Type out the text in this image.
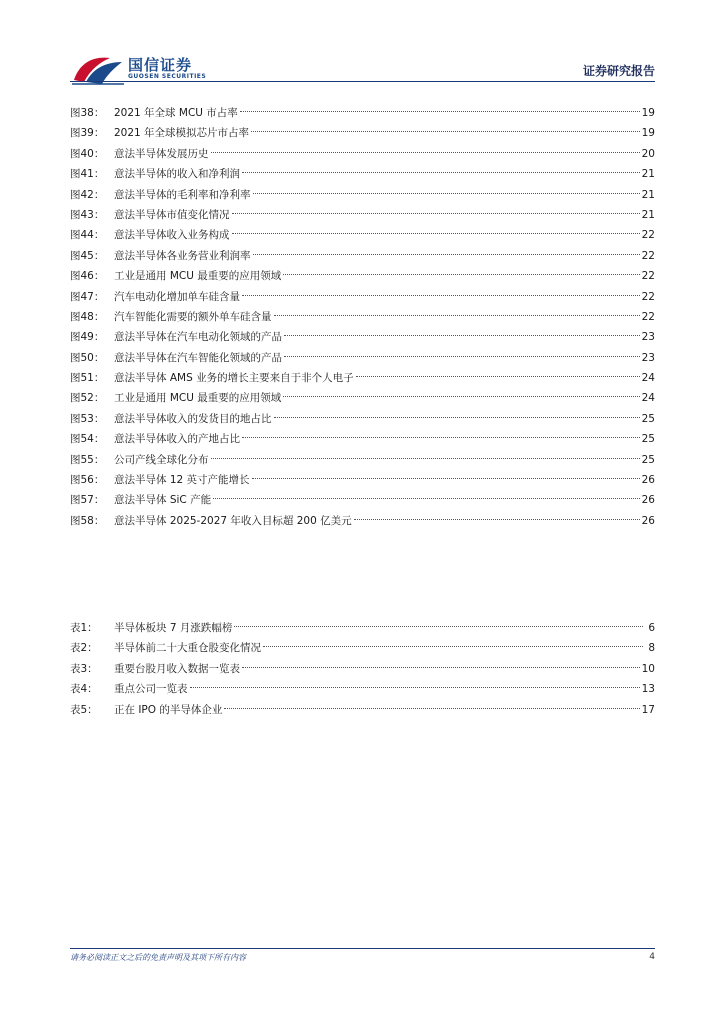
国信证券
GUOSEN SECURITIES	证券研究报告
图38： 2021 年全球 MCU 市占率	19
图39： 2021 年全球模拟芯片市占率	19
图40： 意法半导体发展历史	20
图41： 意法半导体的收入和净利润	21
图42： 意法半导体的毛利率和净利率	21
图43： 意法半导体市值变化情况	21
图44： 意法半导体收入业务构成	22
图45： 意法半导体各业务营业利润率	22
图46： 工业是通用 MCU 最重要的应用领域	22
图47： 汽车电动化增加单车硅含量	22
图48： 汽车智能化需要的额外单车硅含量	22
图49： 意法半导体在汽车电动化领域的产品	23
图50： 意法半导体在汽车智能化领域的产品	23
图51： 意法半导体 AMS 业务的增长主要来自于非个人电子	24
图52： 工业是通用 MCU 最重要的应用领域	24
图53： 意法半导体收入的发货目的地占比	25
图54： 意法半导体收入的产地占比	25
图55： 公司产线全球化分布	25
图56： 意法半导体 12 英寸产能增长	26
图57： 意法半导体 SiC 产能	26
图58： 意法半导体 2025-2027 年收入目标超 200 亿美元	26
表1：	半导体板块 7 月涨跌幅榜	6
表2：	半导体前二十大重仓股变化情况	8
表3：	重要台股月收入数据一览表	10
表4：	重点公司一览表	13
表5：	正在 IPO 的半导体企业	17
请务必阅读正文之后的免责声明及其项下所有内容	4
